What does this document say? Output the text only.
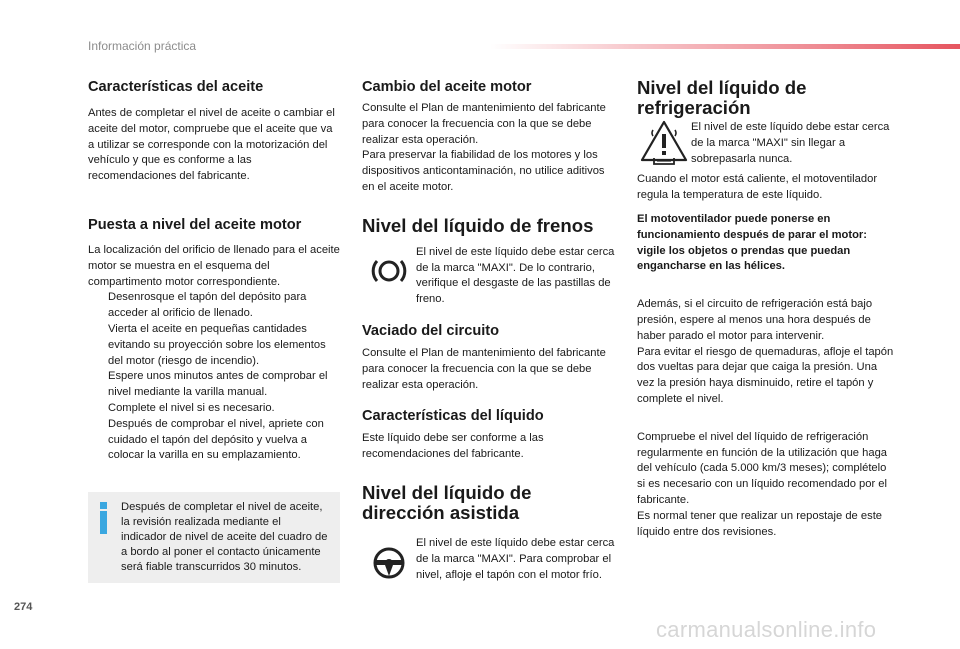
Información práctica
Características del aceite

Antes de completar el nivel de aceite o cambiar el aceite del motor, compruebe que el aceite que va a utilizar se corresponde con la motorización del vehículo y que es conforme a las recomendaciones del fabricante.

Puesta a nivel del aceite motor

La localización del orificio de llenado para el aceite motor se muestra en el esquema del compartimento motor correspondiente.

Desenrosque el tapón del depósito para acceder al orificio de llenado.
Vierta el aceite en pequeñas cantidades evitando su proyección sobre los elementos del motor (riesgo de incendio).
Espere unos minutos antes de comprobar el nivel mediante la varilla manual.
Complete el nivel si es necesario.
Después de comprobar el nivel, apriete con cuidado el tapón del depósito y vuelva a colocar la varilla en su emplazamiento.

Después de completar el nivel de aceite, la revisión realizada mediante el indicador de nivel de aceite del cuadro de a bordo al poner el contacto únicamente será fiable transcurridos 30 minutos.

Cambio del aceite motor

Consulte el Plan de mantenimiento del fabricante para conocer la frecuencia con la que se debe realizar esta operación.

Para preservar la fiabilidad de los motores y los dispositivos anticontaminación, no utilice aditivos en el aceite motor.

Nivel del líquido de frenos

El nivel de este líquido debe estar cerca de la marca "MAXI". De lo contrario, verifique el desgaste de las pastillas de freno.

Vaciado del circuito

Consulte el Plan de mantenimiento del fabricante para conocer la frecuencia con la que se debe realizar esta operación.

Características del líquido

Este líquido debe ser conforme a las recomendaciones del fabricante.

Nivel del líquido de
dirección asistida

El nivel de este líquido debe estar cerca de la marca "MAXI". Para comprobar el nivel, afloje el tapón con el motor frío.

Nivel del líquido de
refrigeración

El nivel de este líquido debe estar cerca de la marca "MAXI" sin llegar a sobrepasarla nunca.

Cuando el motor está caliente, el motoventilador regula la temperatura de este líquido.

El motoventilador puede ponerse en funcionamiento después de parar el motor: vigile los objetos o prendas que puedan engancharse en las hélices.

Además, si el circuito de refrigeración está bajo presión, espere al menos una hora después de haber parado el motor para intervenir.

Para evitar el riesgo de quemaduras, afloje el tapón dos vueltas para dejar que caiga la presión. Una vez la presión haya disminuido, retire el tapón y complete el nivel.

Compruebe el nivel del líquido de refrigeración regularmente en función de la utilización que haga del vehículo (cada 5.000 km/3 meses); complételo si es necesario con un líquido recomendado por el fabricante.

Es normal tener que realizar un repostaje de este líquido entre dos revisiones.

274
carmanualsonline.info
